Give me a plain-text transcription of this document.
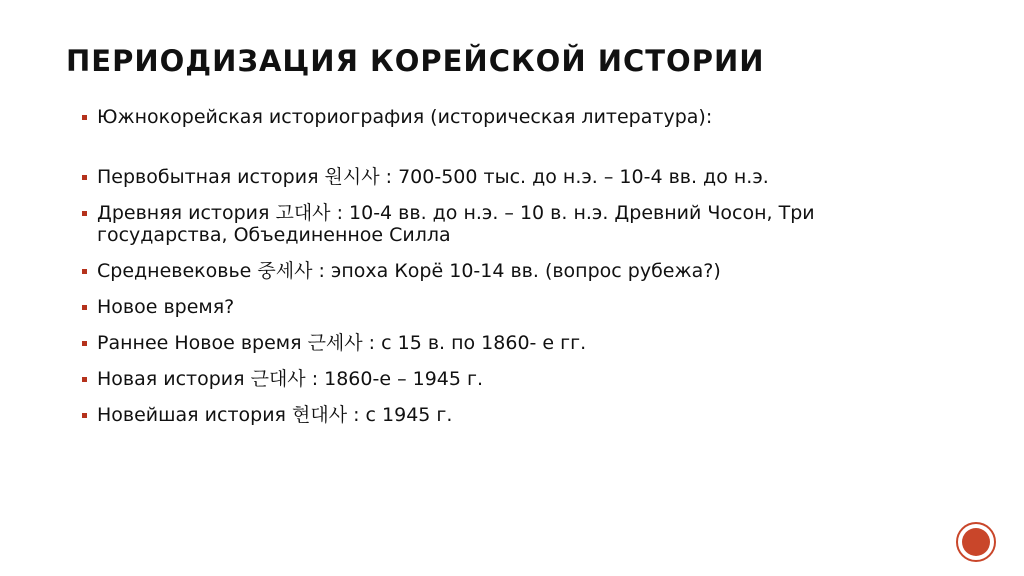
ПЕРИОДИЗАЦИЯ КОРЕЙСКОЙ ИСТОРИИ
Южнокорейская историография (историческая литература):
Первобытная история 원시사 : 700-500 тыс. до н.э. – 10-4 вв. до н.э.
Древняя история 고대사 : 10-4 вв. до н.э. – 10 в. н.э. Древний Чосон, Три государства, Объединенное Силла
Средневековье 중세사 : эпоха Корё 10-14 вв. (вопрос рубежа?)
Новое время?
Раннее Новое время 근세사 : с 15 в. по 1860- е гг.
Новая история 근대사 : 1860-е – 1945 г.
Новейшая история 현대사 : с 1945 г.
